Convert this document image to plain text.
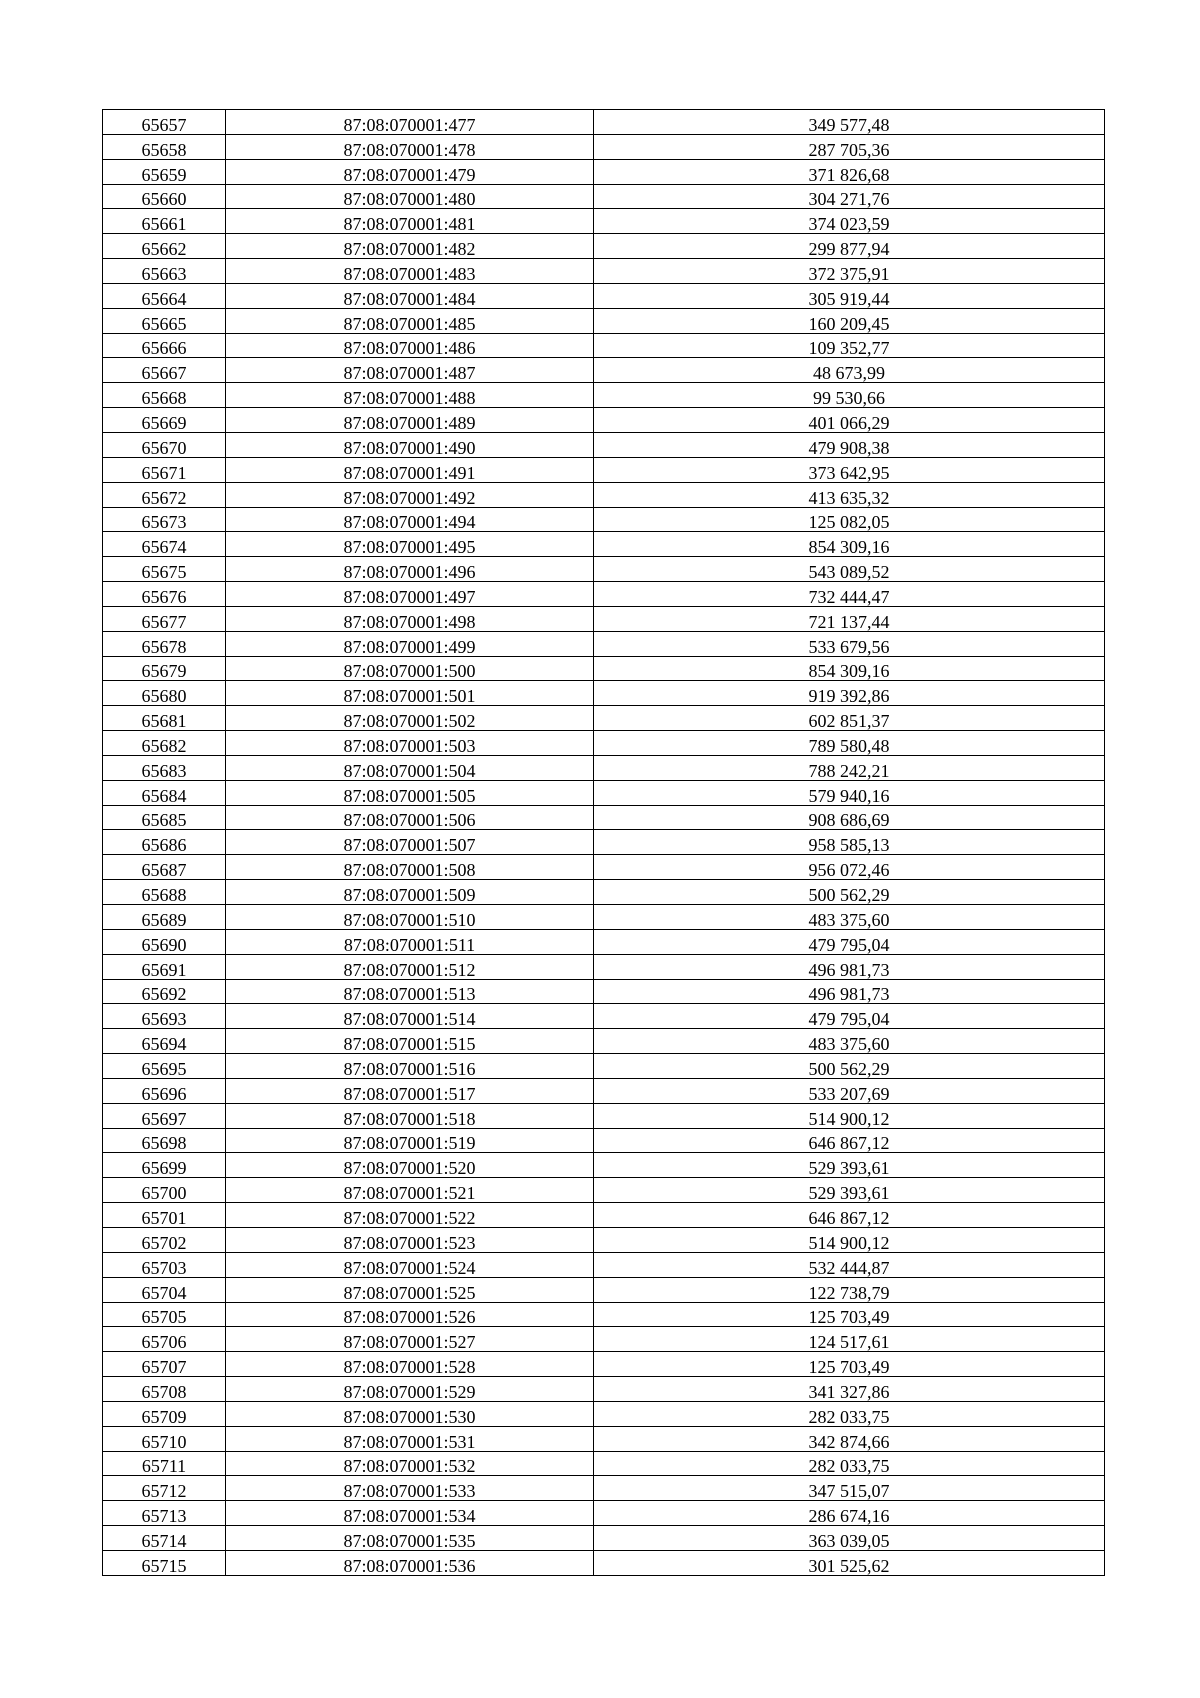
65657	87:08:070001:477	349 577,48
65658	87:08:070001:478	287 705,36
65659	87:08:070001:479	371 826,68
65660	87:08:070001:480	304 271,76
65661	87:08:070001:481	374 023,59
65662	87:08:070001:482	299 877,94
65663	87:08:070001:483	372 375,91
65664	87:08:070001:484	305 919,44
65665	87:08:070001:485	160 209,45
65666	87:08:070001:486	109 352,77
65667	87:08:070001:487	48 673,99
65668	87:08:070001:488	99 530,66
65669	87:08:070001:489	401 066,29
65670	87:08:070001:490	479 908,38
65671	87:08:070001:491	373 642,95
65672	87:08:070001:492	413 635,32
65673	87:08:070001:494	125 082,05
65674	87:08:070001:495	854 309,16
65675	87:08:070001:496	543 089,52
65676	87:08:070001:497	732 444,47
65677	87:08:070001:498	721 137,44
65678	87:08:070001:499	533 679,56
65679	87:08:070001:500	854 309,16
65680	87:08:070001:501	919 392,86
65681	87:08:070001:502	602 851,37
65682	87:08:070001:503	789 580,48
65683	87:08:070001:504	788 242,21
65684	87:08:070001:505	579 940,16
65685	87:08:070001:506	908 686,69
65686	87:08:070001:507	958 585,13
65687	87:08:070001:508	956 072,46
65688	87:08:070001:509	500 562,29
65689	87:08:070001:510	483 375,60
65690	87:08:070001:511	479 795,04
65691	87:08:070001:512	496 981,73
65692	87:08:070001:513	496 981,73
65693	87:08:070001:514	479 795,04
65694	87:08:070001:515	483 375,60
65695	87:08:070001:516	500 562,29
65696	87:08:070001:517	533 207,69
65697	87:08:070001:518	514 900,12
65698	87:08:070001:519	646 867,12
65699	87:08:070001:520	529 393,61
65700	87:08:070001:521	529 393,61
65701	87:08:070001:522	646 867,12
65702	87:08:070001:523	514 900,12
65703	87:08:070001:524	532 444,87
65704	87:08:070001:525	122 738,79
65705	87:08:070001:526	125 703,49
65706	87:08:070001:527	124 517,61
65707	87:08:070001:528	125 703,49
65708	87:08:070001:529	341 327,86
65709	87:08:070001:530	282 033,75
65710	87:08:070001:531	342 874,66
65711	87:08:070001:532	282 033,75
65712	87:08:070001:533	347 515,07
65713	87:08:070001:534	286 674,16
65714	87:08:070001:535	363 039,05
65715	87:08:070001:536	301 525,62
